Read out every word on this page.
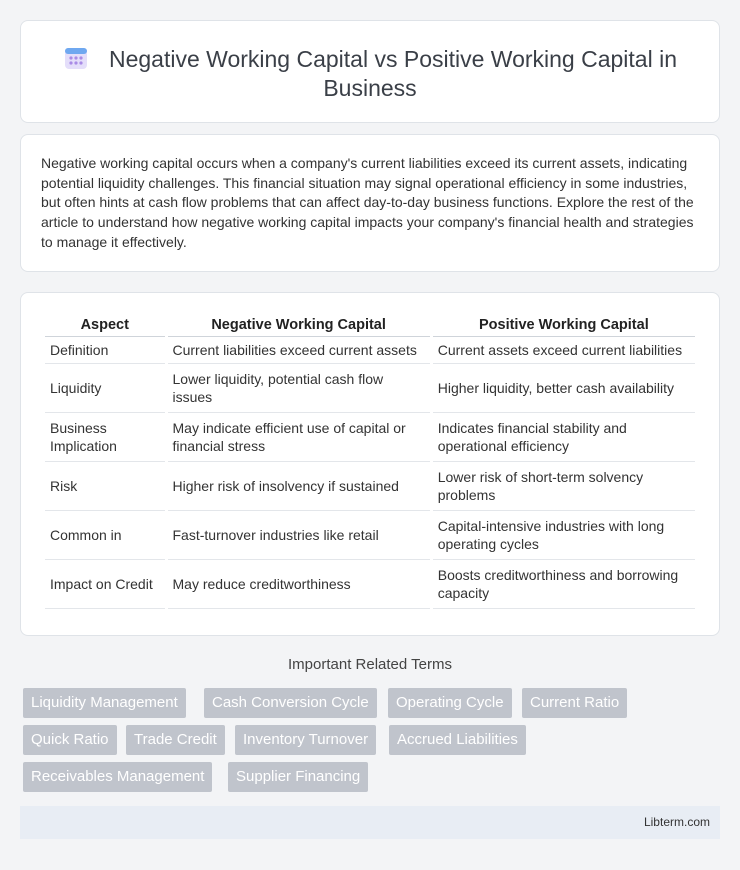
Negative Working Capital vs Positive Working Capital in Business

Negative working capital occurs when a company's current liabilities exceed its current assets, indicating potential liquidity challenges. This financial situation may signal operational efficiency in some industries, but often hints at cash flow problems that can affect day-to-day business functions. Explore the rest of the article to understand how negative working capital impacts your company's financial health and strategies to manage it effectively.

Aspect	Negative Working Capital	Positive Working Capital
Definition	Current liabilities exceed current assets	Current assets exceed current liabilities
Liquidity	Lower liquidity, potential cash flow issues	Higher liquidity, better cash availability
Business Implication	May indicate efficient use of capital or financial stress	Indicates financial stability and operational efficiency
Risk	Higher risk of insolvency if sustained	Lower risk of short-term solvency problems
Common in	Fast-turnover industries like retail	Capital-intensive industries with long operating cycles
Impact on Credit	May reduce creditworthiness	Boosts creditworthiness and borrowing capacity
Important Related Terms
Liquidity Management	Cash Conversion Cycle	Operating Cycle	Current Ratio
Quick Ratio	Trade Credit	Inventory Turnover	Accrued Liabilities
Receivables Management	Supplier Financing
Libterm.com
